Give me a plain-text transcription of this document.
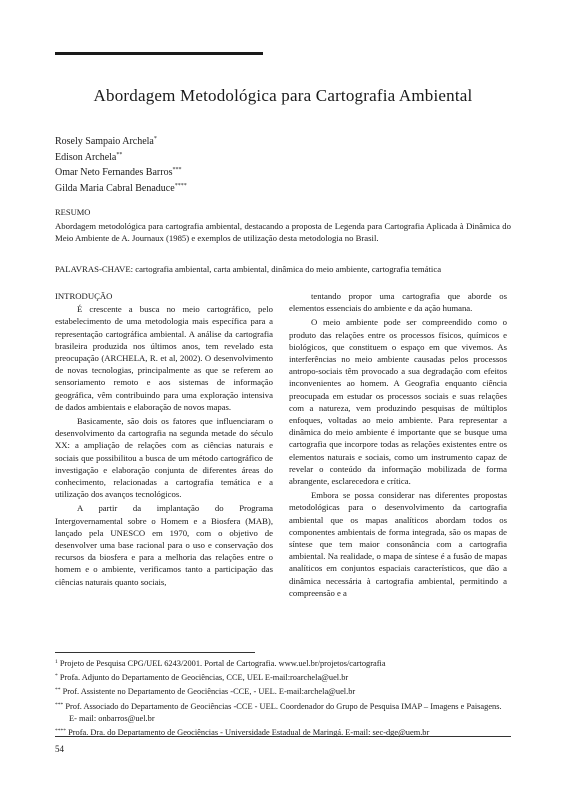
Abordagem Metodológica para Cartografia Ambiental
Rosely Sampaio Archela*
Edison Archela**
Omar Neto Fernandes Barros***
Gilda Maria Cabral Benaduce****
RESUMO
Abordagem metodológica para cartografia ambiental, destacando a proposta de Legenda para Cartografia Aplicada à Dinâmica do Meio Ambiente de A. Journaux (1985) e exemplos de utilização desta metodologia no Brasil.
PALAVRAS-CHAVE: cartografia ambiental, carta ambiental, dinâmica do meio ambiente, cartografia temática
INTRODUÇÃO

É crescente a busca no meio cartográfico, pelo estabelecimento de uma metodologia mais específica para a representação cartográfica ambiental. A análise da cartografia brasileira produzida nos últimos anos, tem revelado esta preocupação (ARCHELA, R. et al, 2002). O desenvolvimento de novas tecnologias, principalmente as que se referem ao sensoriamento remoto e aos sistemas de informação geográfica, vêm contribuindo para uma exploração intensiva de dados ambientais e elaboração de novos mapas.

Basicamente, são dois os fatores que influenciaram o desenvolvimento da cartografia na segunda metade do século XX: a ampliação de relações com as ciências naturais e sociais que possibilitou a busca de um método cartográfico de investigação e elaboração conjunta de diferentes áreas do conhecimento, relacionadas a cartografia temática e a utilização dos avanços tecnológicos.

A partir da implantação do Programa Intergovernamental sobre o Homem e a Biosfera (MAB), lançado pela UNESCO em 1970, com o objetivo de desenvolver uma base racional para o uso e conservação dos recursos da biosfera e para a melhoria das relações entre o homem e o ambiente, verificamos tanto a participação das ciências naturais quanto sociais,

tentando propor uma cartografia que aborde os elementos essenciais do ambiente e da ação humana.

O meio ambiente pode ser compreendido como o produto das relações entre os processos físicos, químicos e biológicos, que constituem o espaço em que vivemos. As interferências no meio ambiente causadas pelos processos antropo-sociais têm provocado a sua degradação com efeitos inconvenientes ao homem. A Geografia enquanto ciência preocupada em estudar os processos sociais e suas relações com a natureza, vem produzindo pesquisas de múltiplos enfoques, voltadas ao meio ambiente. Para representar a dinâmica do meio ambiente é importante que se busque uma cartografia que incorpore todas as relações existentes entre os elementos naturais e sociais, como um instrumento capaz de revelar o conteúdo da informação mobilizada de forma abrangente, esclarecedora e crítica.

Embora se possa considerar nas diferentes propostas metodológicas para o desenvolvimento da cartografia ambiental que os mapas analíticos abordam todos os componentes ambientais de forma integrada, são os mapas de síntese que tem maior consonância com a cartografia ambiental. Na realidade, o mapa de síntese é a fusão de mapas analíticos em conjuntos espaciais característicos, que dão a dinâmica necessária à cartografia ambiental, permitindo a compreensão e a

$^1$ Projeto de Pesquisa CPG/UEL 6243/2001. Portal de Cartografia. www.uel.br/projetos/cartografia
* Profa. Adjunto do Departamento de Geociências, CCE, UEL E-mail:roarchela@uel.br
** Prof. Assistente no Departamento de Geociências -CCE, - UEL. E-mail:archela@uel.br
*** Prof. Associado do Departamento de Geociências -CCE - UEL. Coordenador do Grupo de Pesquisa IMAP – Imagens e Paisagens. E- mail: onbarros@uel.br
**** Profa. Dra. do Departamento de Geociências - Universidade Estadual de Maringá. E-mail: sec-dge@uem.br
54
